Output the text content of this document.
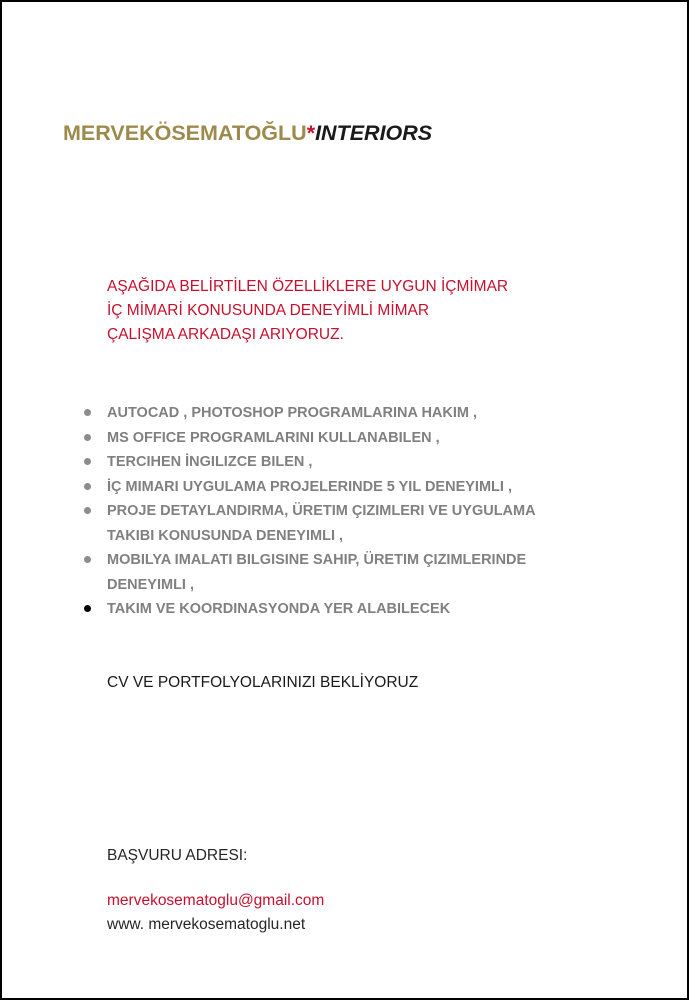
MERVEKÖSEMATOĞLU*INTERIORS
AŞAĞIDA BELİRTİLEN ÖZELLİKLERE UYGUN İÇMİMAR
İÇ MİMARİ KONUSUNDA DENEYİMLİ MİMAR
ÇALIŞMA ARKADAŞI ARIYORUZ.
AUTOCAD , PHOTOSHOP PROGRAMLARINA HAKIM ,
MS OFFICE PROGRAMLARINI KULLANABILEN ,
TERCIHEN İNGILIZCE BILEN ,
İÇ MIMARI UYGULAMA PROJELERINDE 5 YIL DENEYIMLI ,
PROJE DETAYLANDIRMA, ÜRETIM ÇIZIMLERI VE UYGULAMA
TAKIBI KONUSUNDA DENEYIMLI ,
MOBILYA IMALATI BILGISINE SAHIP, ÜRETIM ÇIZIMLERINDE
DENEYIMLI ,
TAKIM VE KOORDINASYONDA YER ALABILECEK
CV VE PORTFOLYOLARINIZI BEKLİYORUZ
BAŞVURU ADRESI:
mervekosematoglu@gmail.com
www. mervekosematoglu.net
